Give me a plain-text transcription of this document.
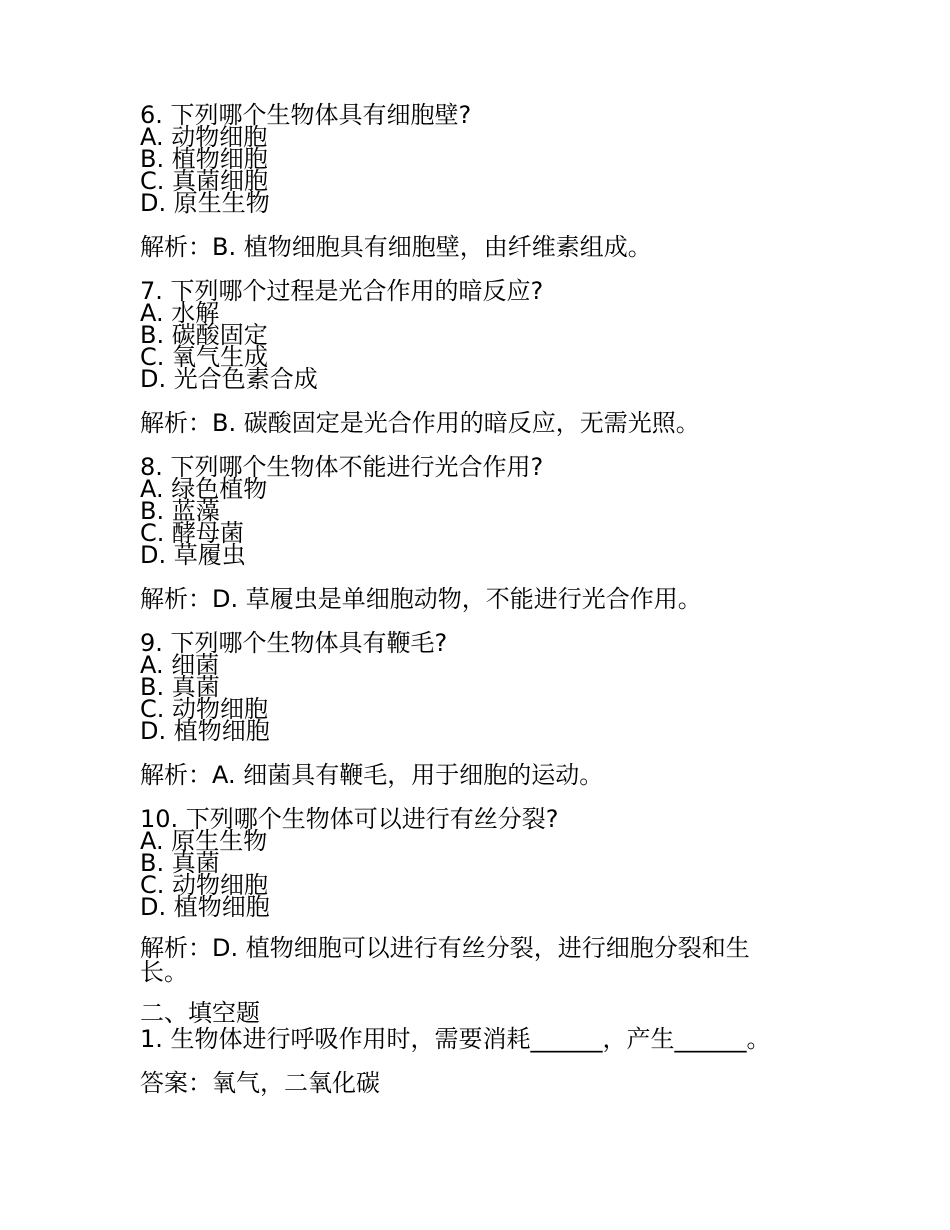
6. 下列哪个生物体具有细胞壁?
A. 动物细胞
B. 植物细胞
C. 真菌细胞
D. 原生生物
解析：B. 植物细胞具有细胞壁，由纤维素组成。
7. 下列哪个过程是光合作用的暗反应?
A. 水解
B. 碳酸固定
C. 氧气生成
D. 光合色素合成
解析：B. 碳酸固定是光合作用的暗反应，无需光照。
8. 下列哪个生物体不能进行光合作用?
A. 绿色植物
B. 蓝藻
C. 酵母菌
D. 草履虫
解析：D. 草履虫是单细胞动物，不能进行光合作用。
9. 下列哪个生物体具有鞭毛?
A. 细菌
B. 真菌
C. 动物细胞
D. 植物细胞
解析：A. 细菌具有鞭毛，用于细胞的运动。
10. 下列哪个生物体可以进行有丝分裂?
A. 原生生物
B. 真菌
C. 动物细胞
D. 植物细胞
解析：D. 植物细胞可以进行有丝分裂，进行细胞分裂和生长。
二、填空题
1. 生物体进行呼吸作用时，需要消耗______，产生______。
答案：氧气，二氧化碳
